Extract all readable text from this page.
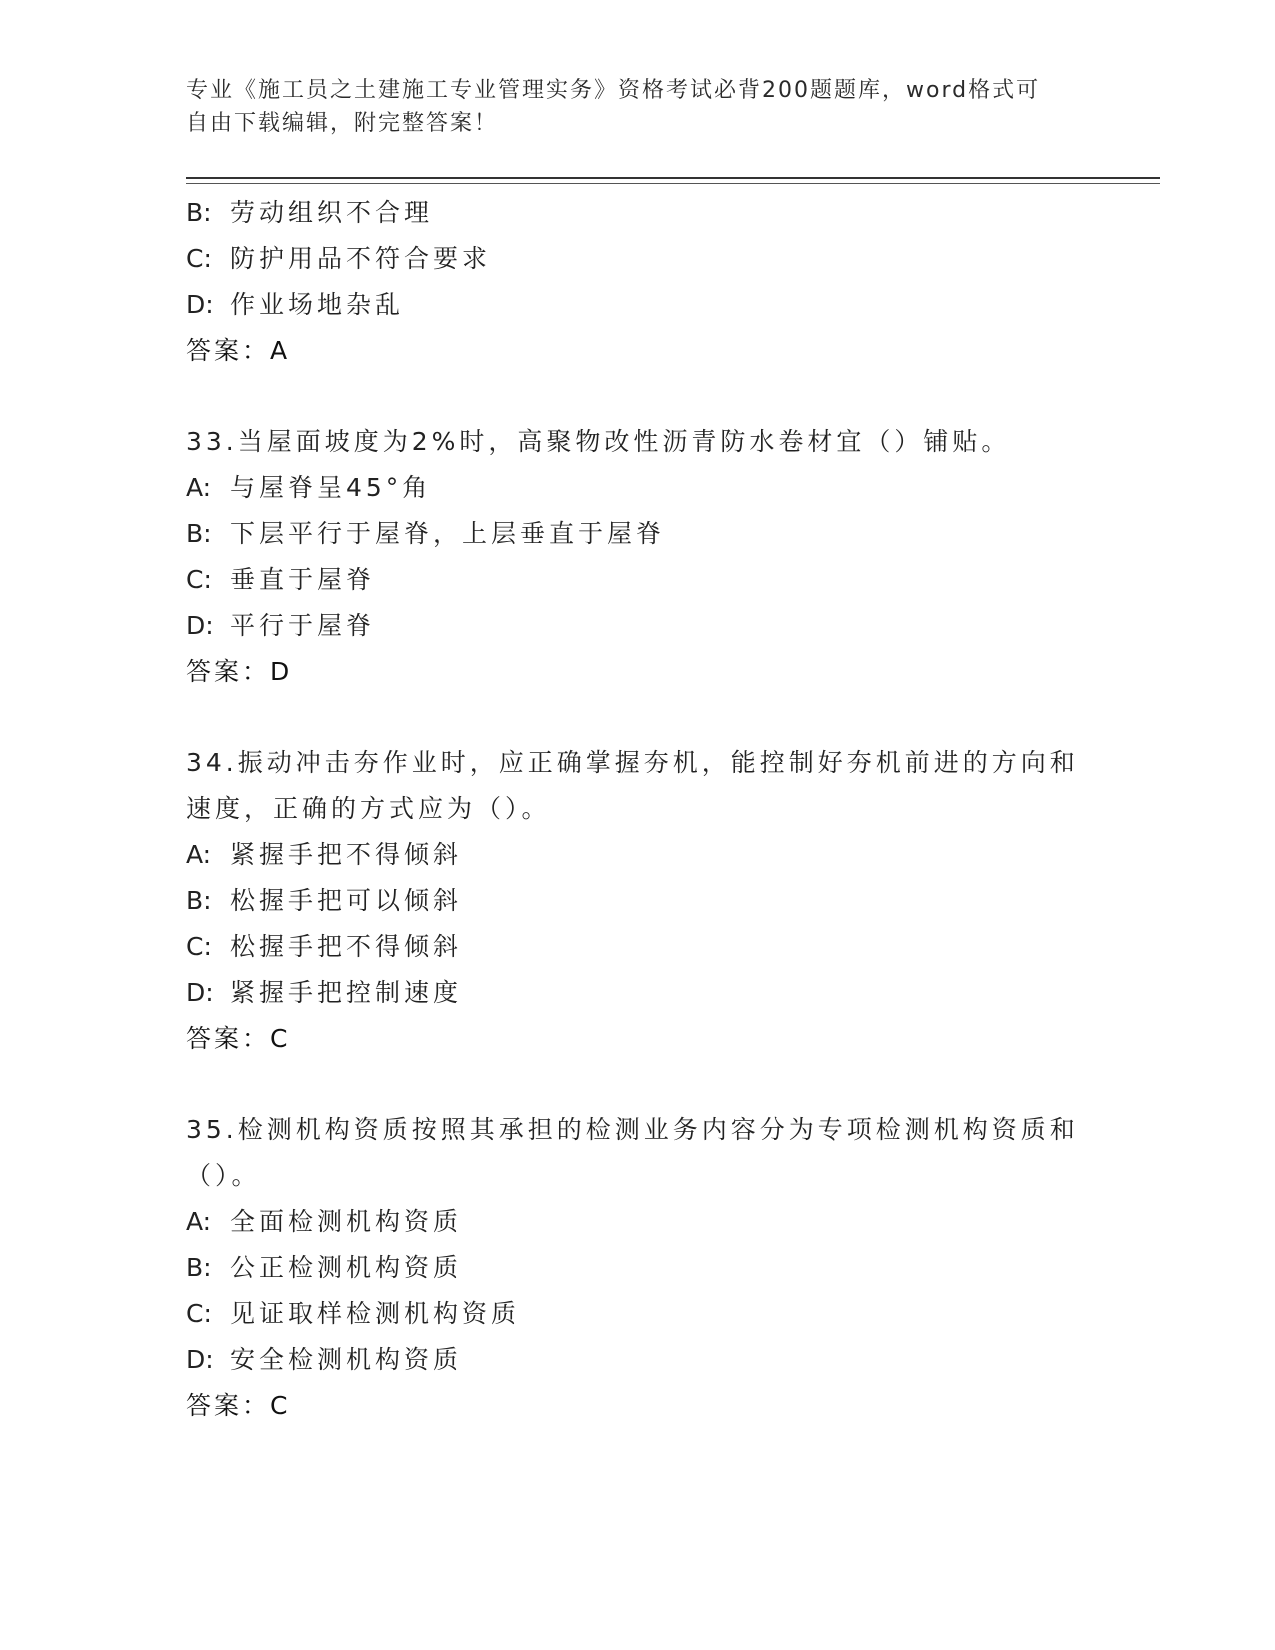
专业《施工员之土建施工专业管理实务》资格考试必背200题题库，word格式可
自由下载编辑，附完整答案！
B: 劳动组织不合理
C: 防护用品不符合要求
D: 作业场地杂乱
答案：A
33.当屋面坡度为2%时，高聚物改性沥青防水卷材宜（）铺贴。
A: 与屋脊呈45°角
B: 下层平行于屋脊，上层垂直于屋脊
C: 垂直于屋脊
D: 平行于屋脊
答案：D
34.振动冲击夯作业时，应正确掌握夯机，能控制好夯机前进的方向和
速度，正确的方式应为（）。
A: 紧握手把不得倾斜
B: 松握手把可以倾斜
C: 松握手把不得倾斜
D: 紧握手把控制速度
答案：C
35.检测机构资质按照其承担的检测业务内容分为专项检测机构资质和
（）。
A: 全面检测机构资质
B: 公正检测机构资质
C: 见证取样检测机构资质
D: 安全检测机构资质
答案：C
